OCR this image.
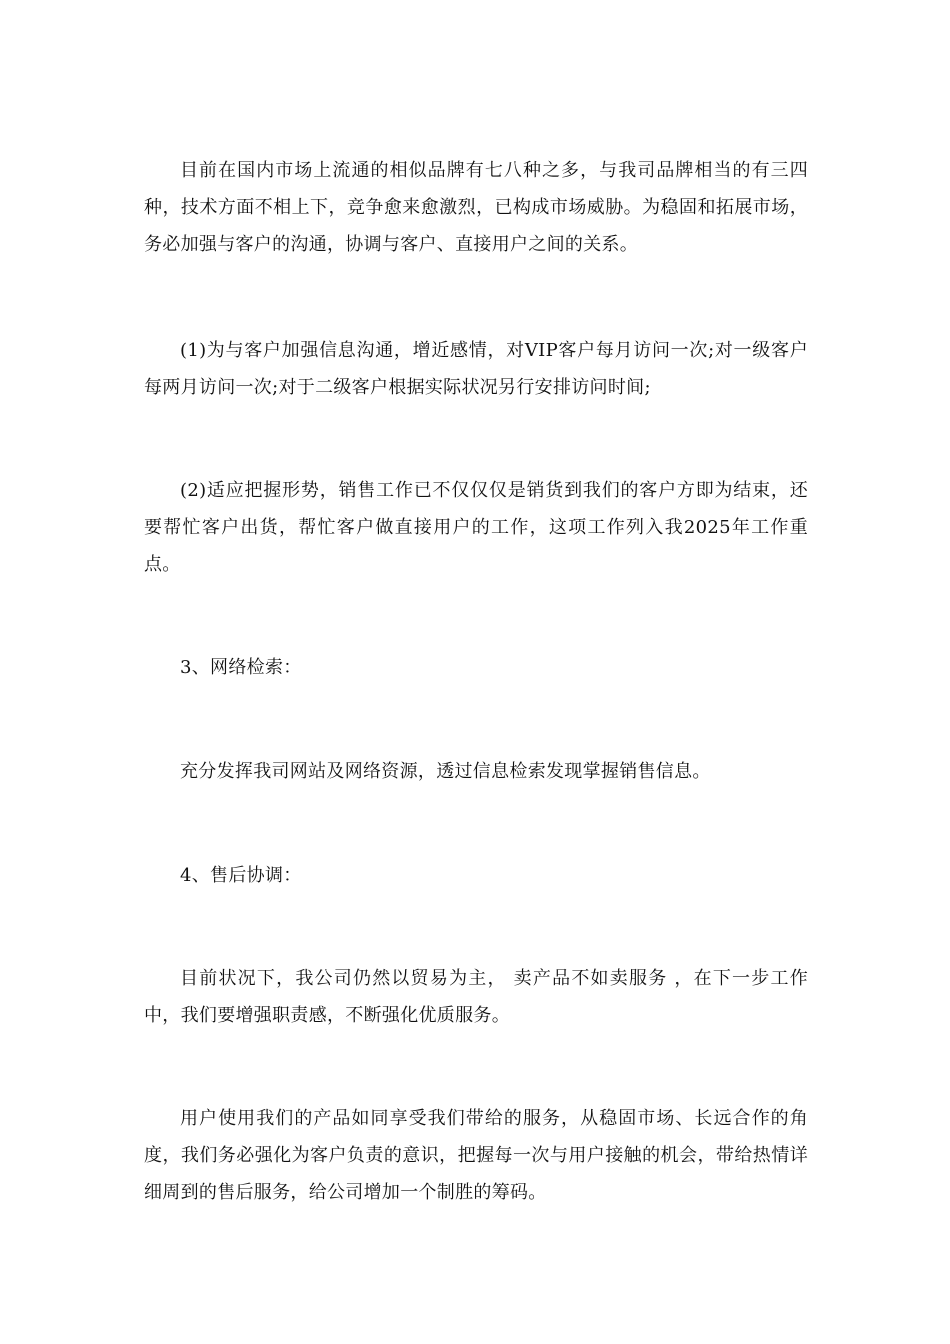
目前在国内市场上流通的相似品牌有七八种之多，与我司品牌相当的有三四种，技术方面不相上下，竞争愈来愈激烈，已构成市场威胁。为稳固和拓展市场，务必加强与客户的沟通，协调与客户、直接用户之间的关系。

(1)为与客户加强信息沟通，增近感情，对VIP客户每月访问一次;对一级客户每两月访问一次;对于二级客户根据实际状况另行安排访问时间;

(2)适应把握形势，销售工作已不仅仅仅是销货到我们的客户方即为结束，还要帮忙客户出货，帮忙客户做直接用户的工作，这项工作列入我2025年工作重点。

3、网络检索：

充分发挥我司网站及网络资源，透过信息检索发现掌握销售信息。

4、售后协调：

目前状况下，我公司仍然以贸易为主， 卖产品不如卖服务 ，在下一步工作中，我们要增强职责感，不断强化优质服务。

用户使用我们的产品如同享受我们带给的服务，从稳固市场、长远合作的角度，我们务必强化为客户负责的意识，把握每一次与用户接触的机会，带给热情详细周到的售后服务，给公司增加一个制胜的筹码。
